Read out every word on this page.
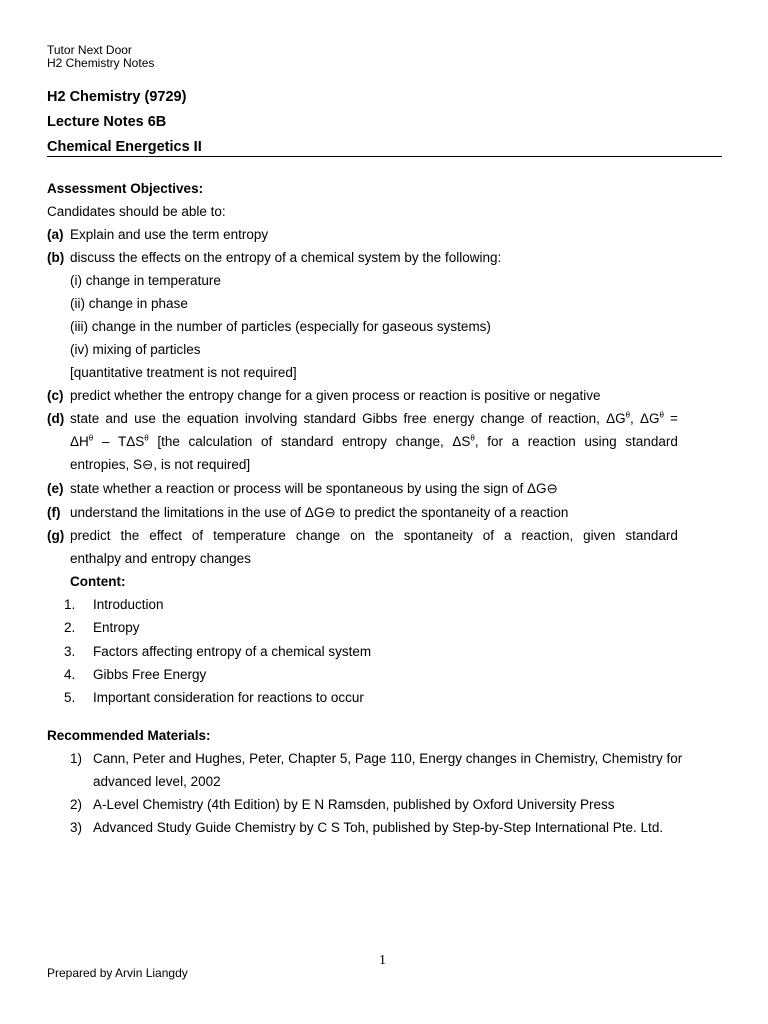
Tutor Next Door
H2 Chemistry Notes
H2 Chemistry (9729)
Lecture Notes 6B
Chemical Energetics II
Assessment Objectives:
Candidates should be able to:
(a) Explain and use the term entropy
(b) discuss the effects on the entropy of a chemical system by the following:
(i) change in temperature
(ii) change in phase
(iii) change in the number of particles (especially for gaseous systems)
(iv) mixing of particles
[quantitative treatment is not required]
(c) predict whether the entropy change for a given process or reaction is positive or negative
(d) state and use the equation involving standard Gibbs free energy change of reaction, $\Delta G^\theta$, $\Delta G^\theta$ =
$\Delta H^\theta - T\Delta S^\theta$ [the calculation of standard entropy change, $\Delta S^\theta$, for a reaction using standard
entropies, S⊖, is not required]
(e) state whether a reaction or process will be spontaneous by using the sign of ΔG⊖
(f) understand the limitations in the use of ΔG⊖ to predict the spontaneity of a reaction
(g) predict the effect of temperature change on the spontaneity of a reaction, given standard
enthalpy and entropy changes
Content:
1. Introduction
2. Entropy
3. Factors affecting entropy of a chemical system
4. Gibbs Free Energy
5. Important consideration for reactions to occur
Recommended Materials:
1) Cann, Peter and Hughes, Peter, Chapter 5, Page 110, Energy changes in Chemistry, Chemistry for
advanced level, 2002
2) A-Level Chemistry (4th Edition) by E N Ramsden, published by Oxford University Press
3) Advanced Study Guide Chemistry by C S Toh, published by Step-by-Step International Pte. Ltd.
1
Prepared by Arvin Liangdy
